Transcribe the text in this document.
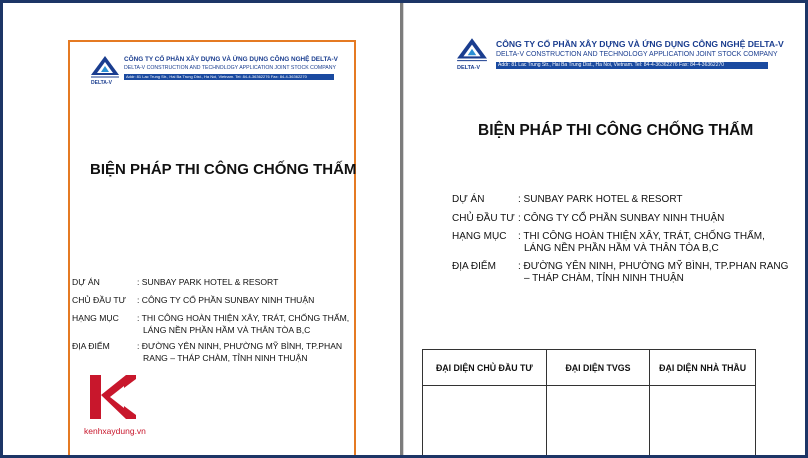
DELTA-V
CÔNG TY CỔ PHẦN XÂY DỰNG VÀ ỨNG DỤNG CÔNG NGHỆ DELTA-V
DELTA-V CONSTRUCTION AND TECHNOLOGY APPLICATION JOINT STOCK COMPANY
Addr: 81 Lac Trung Str., Hai Ba Trung Dist., Ha Noi, Vietnam. Tel: 84-4-36362276 Fax: 84-4-36362270
BIỆN PHÁP THI CÔNG CHỐNG THẤM
DỰ ÁN	: SUNBAY PARK HOTEL & RESORT
CHỦ ĐẦU TƯ : CÔNG TY CỔ PHẦN SUNBAY NINH THUẬN
HẠNG MỤC : THI CÔNG HOÀN THIỆN XÂY, TRÁT, CHỐNG THẤM,
LÁNG NỀN PHẦN HẦM VÀ THÂN TÒA B,C
ĐỊA ĐIỂM	: ĐƯỜNG YÊN NINH, PHƯỜNG MỸ BÌNH, TP.PHAN
RANG – THÁP CHÀM, TỈNH NINH THUẬN
kenhxaydung.vn
DELTA-V
CÔNG TY CỔ PHẦN XÂY DỰNG VÀ ỨNG DỤNG CÔNG NGHỆ DELTA-V
DELTA-V CONSTRUCTION AND TECHNOLOGY APPLICATION JOINT STOCK COMPANY
Addr: 81 Lac Trung Str., Hai Ba Trung Dist., Ha Noi, Vietnam. Tel: 84-4-36362276 Fax: 84-4-36362270
BIỆN PHÁP THI CÔNG CHỐNG THẤM
DỰ ÁN	: SUNBAY PARK HOTEL & RESORT
CHỦ ĐẦU TƯ : CÔNG TY CỔ PHẦN SUNBAY NINH THUẬN
HẠNG MỤC : THI CÔNG HOÀN THIỆN XÂY, TRÁT, CHỐNG THẤM,
LÁNG NỀN PHẦN HẦM VÀ THÂN TÒA B,C
ĐỊA ĐIỂM : ĐƯỜNG YÊN NINH, PHƯỜNG MỸ BÌNH, TP.PHAN RANG
– THÁP CHÀM, TỈNH NINH THUẬN
ĐẠI DIỆN CHỦ ĐẦU TƯ	ĐẠI DIỆN TVGS	ĐẠI DIỆN NHÀ THẦU
